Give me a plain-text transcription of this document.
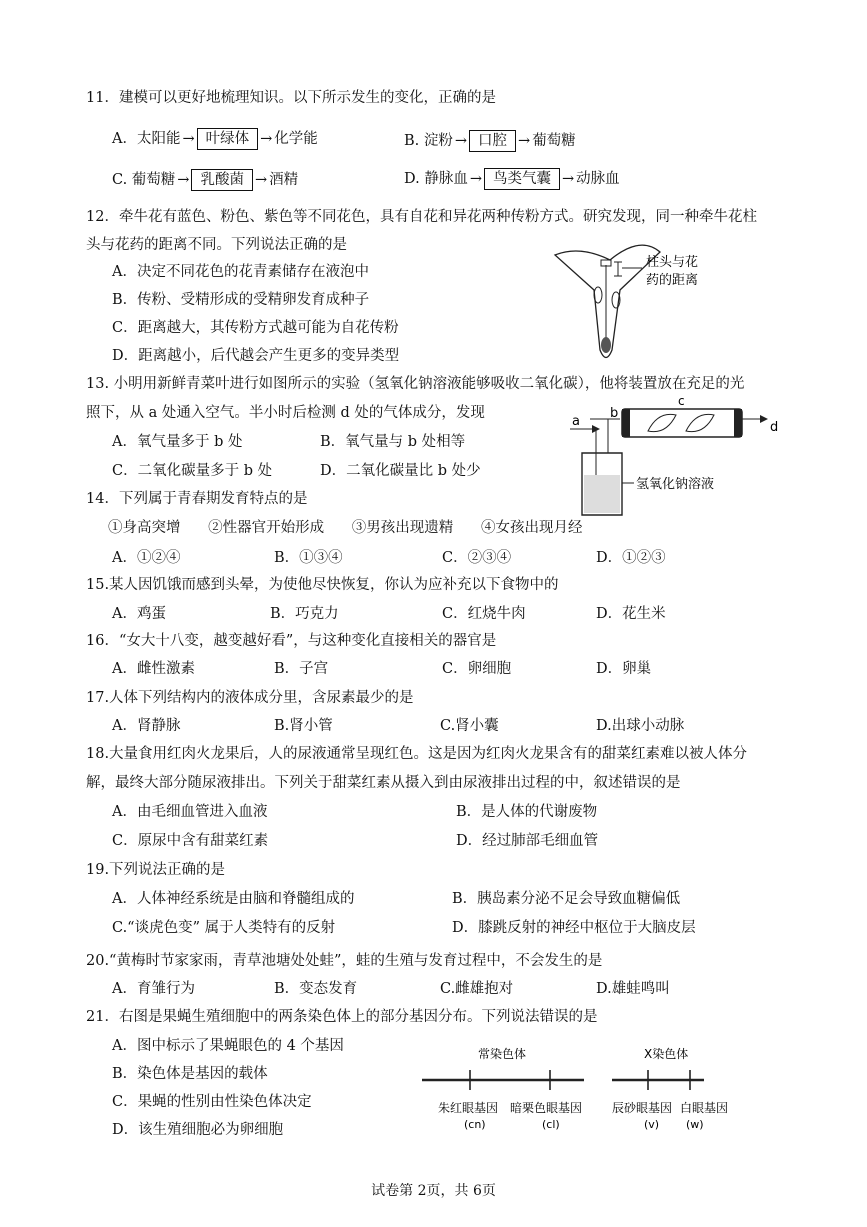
11．建模可以更好地梳理知识。以下所示发生的变化，正确的是
A．太阳能 → 叶绿体 → 化学能	B. 淀粉 → 口腔 → 葡萄糖
C. 葡萄糖 → 乳酸菌 → 酒精	D. 静脉血 → 鸟类气囊 → 动脉血
12．牵牛花有蓝色、粉色、紫色等不同花色，具有自花和异花两种传粉方式。研究发现，同一种牵牛花柱
头与花药的距离不同。下列说法正确的是
A．决定不同花色的花青素储存在液泡中
B．传粉、受精形成的受精卵发育成种子
C．距离越大，其传粉方式越可能为自花传粉
D．距离越小，后代越会产生更多的变异类型
柱头与花
药的距离
13. 小明用新鲜青菜叶进行如图所示的实验（氢氧化钠溶液能够吸收二氧化碳），他将装置放在充足的光
照下，从 a 处通入空气。半小时后检测 d 处的气体成分，发现
A．氧气量多于 b 处	B．氧气量与 b 处相等
C．二氧化碳量多于 b 处	D．二氧化碳量比 b 处少
a
b
c
d
氢氧化钠溶液
14．下列属于青春期发育特点的是
①身高突增      ②性器官开始形成      ③男孩出现遗精      ④女孩出现月经
A．①②④	B．①③④	C．②③④	D．①②③
15.某人因饥饿而感到头晕，为使他尽快恢复，你认为应补充以下食物中的
A．鸡蛋	B．巧克力	C．红烧牛肉	D．花生米
16．“女大十八变，越变越好看”，与这种变化直接相关的器官是
A．雌性激素	B．子宫	C．卵细胞	D．卵巢
17.人体下列结构内的液体成分里，含尿素最少的是
A．肾静脉	B.肾小管	C.肾小囊	D.出球小动脉
18.大量食用红肉火龙果后，人的尿液通常呈现红色。这是因为红肉火龙果含有的甜菜红素难以被人体分
解，最终大部分随尿液排出。下列关于甜菜红素从摄入到由尿液排出过程的中，叙述错误的是
A．由毛细血管进入血液	B．是人体的代谢废物
C．原尿中含有甜菜红素	D．经过肺部毛细血管
19.下列说法正确的是
A．人体神经系统是由脑和脊髓组成的	B．胰岛素分泌不足会导致血糖偏低
C.“谈虎色变” 属于人类特有的反射	D．膝跳反射的神经中枢位于大脑皮层
20.“黄梅时节家家雨，青草池塘处处蛙”，蛙的生殖与发育过程中，不会发生的是
A．育雏行为	B．变态发育	C.雌雄抱对	D.雄蛙鸣叫
21．右图是果蝇生殖细胞中的两条染色体上的部分基因分布。下列说法错误的是
A．图中标示了果蝇眼色的 4 个基因
B．染色体是基因的载体
C．果蝇的性别由性染色体决定
D．该生殖细胞必为卵细胞
常染色体	X染色体
朱红眼基因
(cn)
暗栗色眼基因
(cl)
辰砂眼基因
(v)
白眼基因
(w)
试卷第 2页，共 6页
